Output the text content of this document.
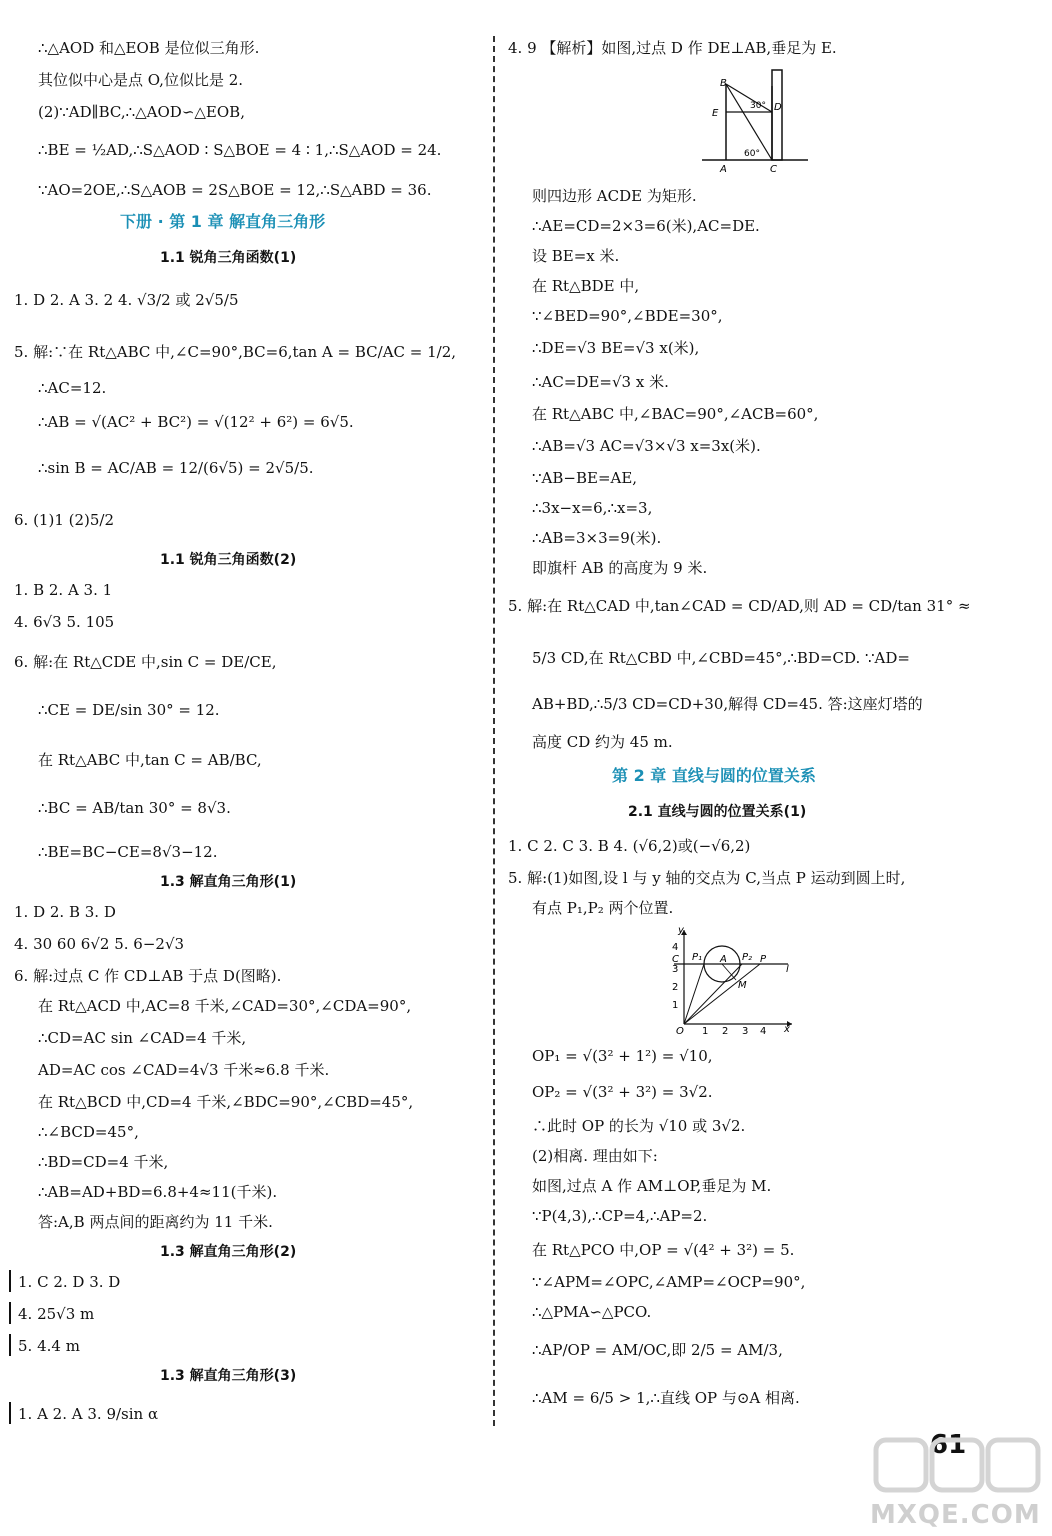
∴△AOD 和△EOB 是位似三角形.
其位似中心是点 O,位似比是 2.
(2)∵AD∥BC,∴△AOD∽△EOB,
∴BE = ½AD,∴S△AOD ∶ S△BOE = 4 ∶ 1,∴S△AOD = 24.
∵AO=2OE,∴S△AOB = 2S△BOE = 12,∴S△ABD = 36.
下册 · 第 1 章 解直角三角形
1.1 锐角三角函数(1)
1. D 2. A 3. 2 4. √3/2 或 2√5/5
5. 解:∵在 Rt△ABC 中,∠C=90°,BC=6,tan A = BC/AC = 1/2,
∴AC=12.
∴AB = √(AC² + BC²) = √(12² + 6²) = 6√5.
∴sin B = AC/AB = 12/(6√5) = 2√5/5.
6. (1)1 (2)5/2
1.1 锐角三角函数(2)
1. B 2. A 3. 1
4. 6√3 5. 105
6. 解:在 Rt△CDE 中,sin C = DE/CE,
∴CE = DE/sin 30° = 12.
在 Rt△ABC 中,tan C = AB/BC,
∴BC = AB/tan 30° = 8√3.
∴BE=BC−CE=8√3−12.
1.3 解直角三角形(1)
1. D 2. B 3. D
4. 30 60 6√2 5. 6−2√3
6. 解:过点 C 作 CD⊥AB 于点 D(图略).
在 Rt△ACD 中,AC=8 千米,∠CAD=30°,∠CDA=90°,
∴CD=AC sin ∠CAD=4 千米,
AD=AC cos ∠CAD=4√3 千米≈6.8 千米.
在 Rt△BCD 中,CD=4 千米,∠BDC=90°,∠CBD=45°,
∴∠BCD=45°,
∴BD=CD=4 千米,
∴AB=AD+BD=6.8+4≈11(千米).
答:A,B 两点间的距离约为 11 千米.
1.3 解直角三角形(2)
1. C 2. D 3. D
4. 25√3 m
5. 4.4 m
1.3 解直角三角形(3)
1. A 2. A 3. 9/sin α
4. 9 【解析】如图,过点 D 作 DE⊥AB,垂足为 E.
B
E
D
A	C
30°
60°
则四边形 ACDE 为矩形.
∴AE=CD=2×3=6(米),AC=DE.
设 BE=x 米.
在 Rt△BDE 中,
∵∠BED=90°,∠BDE=30°,
∴DE=√3 BE=√3 x(米),
∴AC=DE=√3 x 米.
在 Rt△ABC 中,∠BAC=90°,∠ACB=60°,
∴AB=√3 AC=√3×√3 x=3x(米).
∵AB−BE=AE,
∴3x−x=6,∴x=3,
∴AB=3×3=9(米).
即旗杆 AB 的高度为 9 米.
5. 解:在 Rt△CAD 中,tan∠CAD = CD/AD,则 AD = CD/tan 31° ≈
5/3 CD,在 Rt△CBD 中,∠CBD=45°,∴BD=CD. ∵AD=
AB+BD,∴5/3 CD=CD+30,解得 CD=45. 答:这座灯塔的
高度 CD 约为 45 m.
第 2 章 直线与圆的位置关系
2.1 直线与圆的位置关系(1)
1. C 2. C 3. B 4. (√6,2)或(−√6,2)
5. 解:(1)如图,设 l 与 y 轴的交点为 C,当点 P 运动到圆上时,
有点 P₁,P₂ 两个位置.
y
4
3
2
1
C P₁ A P₂ P
l
M
O 1 2 3 4 x
OP₁ = √(3² + 1²) = √10,
OP₂ = √(3² + 3²) = 3√2.
∴此时 OP 的长为 √10 或 3√2.
(2)相离. 理由如下:
如图,过点 A 作 AM⊥OP,垂足为 M.
∵P(4,3),∴CP=4,∴AP=2.
在 Rt△PCO 中,OP = √(4² + 3²) = 5.
∵∠APM=∠OPC,∠AMP=∠OCP=90°,
∴△PMA∽△PCO.
∴AP/OP = AM/OC,即 2/5 = AM/3,
∴AM = 6/5 > 1,∴直线 OP 与⊙A 相离.
61
MXQE.COM
